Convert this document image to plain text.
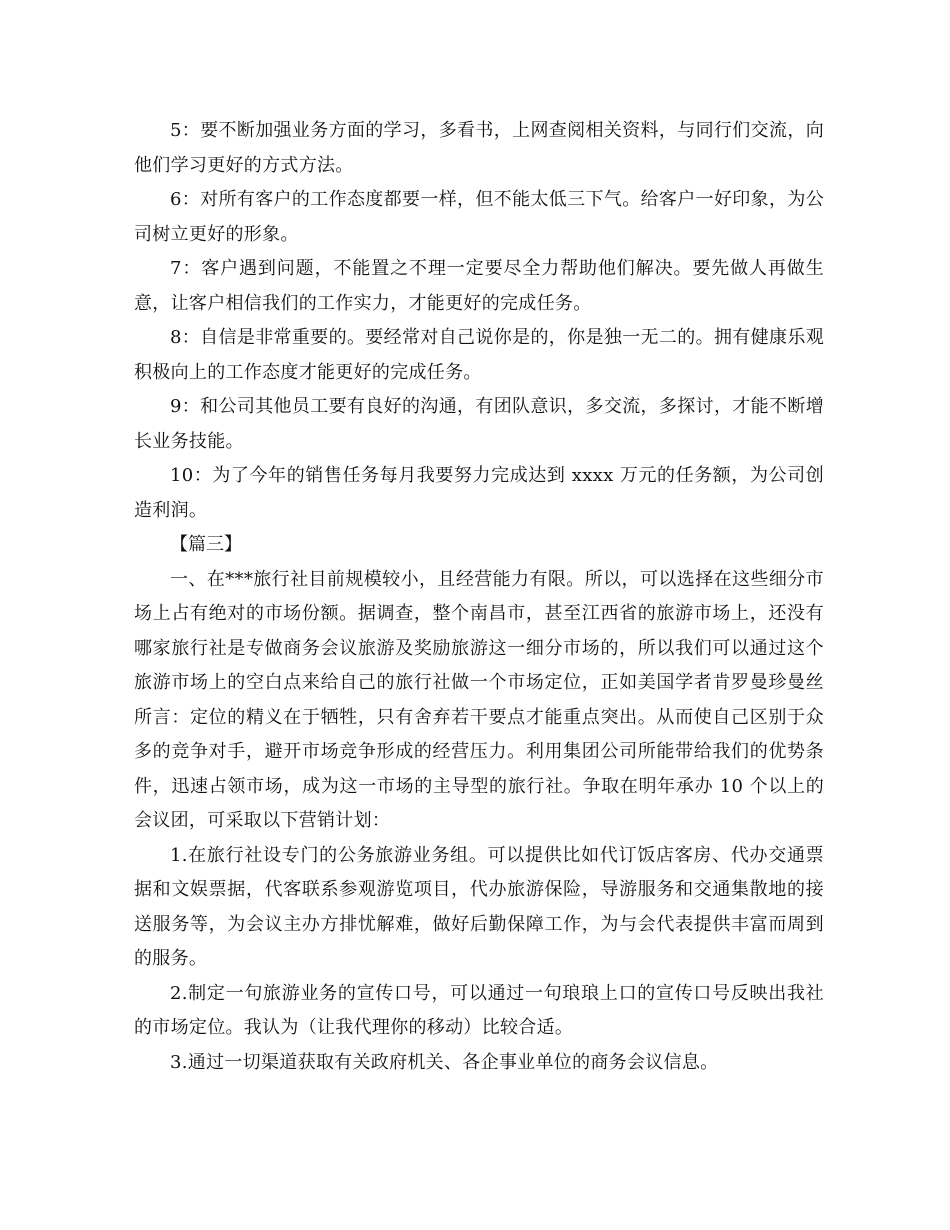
5：要不断加强业务方面的学习，多看书，上网查阅相关资料，与同行们交流，向他们学习更好的方式方法。

6：对所有客户的工作态度都要一样，但不能太低三下气。给客户一好印象，为公司树立更好的形象。

7：客户遇到问题，不能置之不理一定要尽全力帮助他们解决。要先做人再做生意，让客户相信我们的工作实力，才能更好的完成任务。

8：自信是非常重要的。要经常对自己说你是的，你是独一无二的。拥有健康乐观积极向上的工作态度才能更好的完成任务。

9：和公司其他员工要有良好的沟通，有团队意识，多交流，多探讨，才能不断增长业务技能。

10：为了今年的销售任务每月我要努力完成达到 xxxx 万元的任务额，为公司创造利润。

【篇三】

一、在***旅行社目前规模较小，且经营能力有限。所以，可以选择在这些细分市场上占有绝对的市场份额。据调查，整个南昌市，甚至江西省的旅游市场上，还没有哪家旅行社是专做商务会议旅游及奖励旅游这一细分市场的，所以我们可以通过这个旅游市场上的空白点来给自己的旅行社做一个市场定位，正如美国学者肯罗曼珍曼丝所言：定位的精义在于牺牲，只有舍弃若干要点才能重点突出。从而使自己区别于众多的竞争对手，避开市场竞争形成的经营压力。利用集团公司所能带给我们的优势条件，迅速占领市场，成为这一市场的主导型的旅行社。争取在明年承办 10 个以上的会议团，可采取以下营销计划：

1.在旅行社设专门的公务旅游业务组。可以提供比如代订饭店客房、代办交通票据和文娱票据，代客联系参观游览项目，代办旅游保险，导游服务和交通集散地的接送服务等，为会议主办方排忧解难，做好后勤保障工作，为与会代表提供丰富而周到的服务。

2.制定一句旅游业务的宣传口号，可以通过一句琅琅上口的宣传口号反映出我社的市场定位。我认为（让我代理你的移动）比较合适。

3.通过一切渠道获取有关政府机关、各企事业单位的商务会议信息。
